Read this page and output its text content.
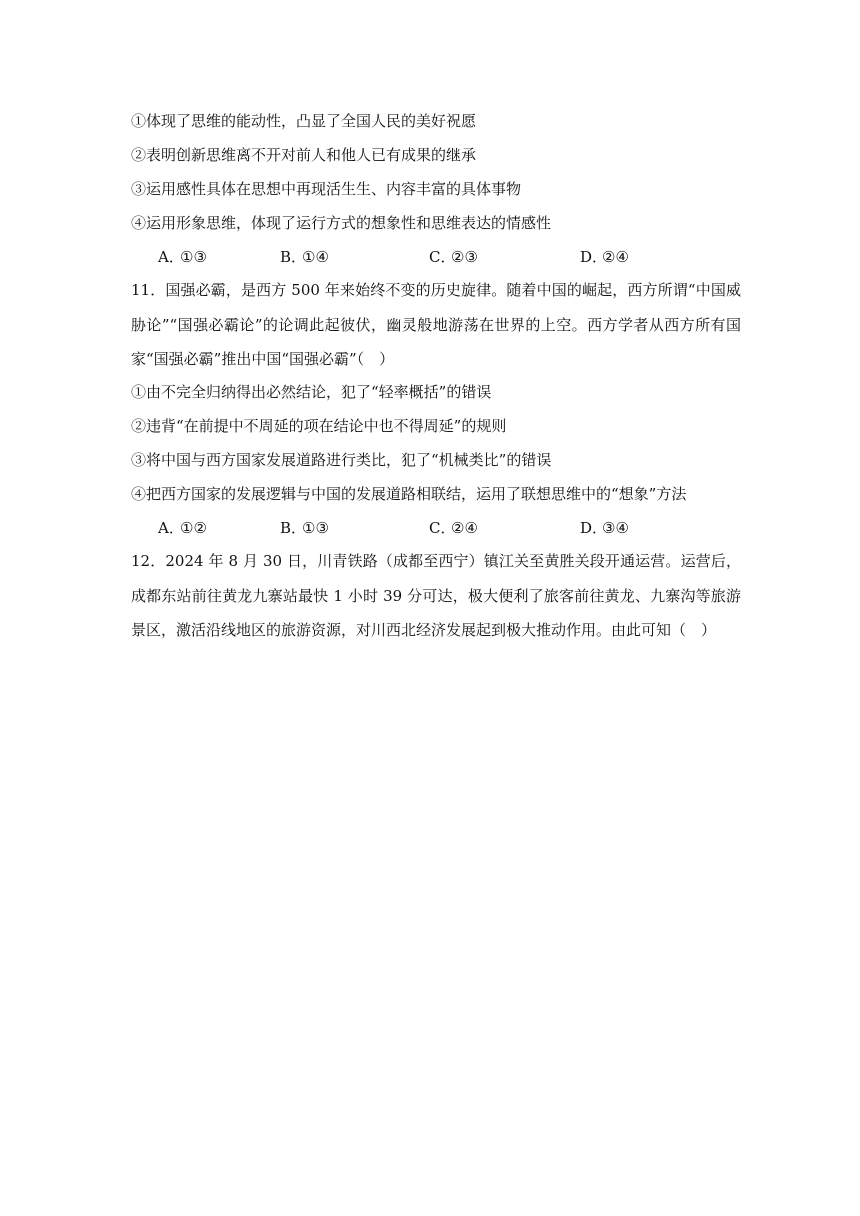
①体现了思维的能动性，凸显了全国人民的美好祝愿
②表明创新思维离不开对前人和他人已有成果的继承
③运用感性具体在思想中再现活生生、内容丰富的具体事物
④运用形象思维，体现了运行方式的想象性和思维表达的情感性
A．①③	B．①④	C．②③	D．②④
11．国强必霸，是西方 500 年来始终不变的历史旋律。随着中国的崛起，西方所谓“中国威胁论”“国强必霸论”的论调此起彼伏，幽灵般地游荡在世界的上空。西方学者从西方所有国家“国强必霸”推出中国“国强必霸”（　）
①由不完全归纳得出必然结论，犯了“轻率概括”的错误
②违背“在前提中不周延的项在结论中也不得周延”的规则
③将中国与西方国家发展道路进行类比，犯了“机械类比”的错误
④把西方国家的发展逻辑与中国的发展道路相联结，运用了联想思维中的“想象”方法
A．①②	B．①③	C．②④	D．③④
12．2024 年 8 月 30 日，川青铁路（成都至西宁）镇江关至黄胜关段开通运营。运营后，成都东站前往黄龙九寨站最快 1 小时 39 分可达，极大便利了旅客前往黄龙、九寨沟等旅游景区，激活沿线地区的旅游资源，对川西北经济发展起到极大推动作用。由此可知（　）
